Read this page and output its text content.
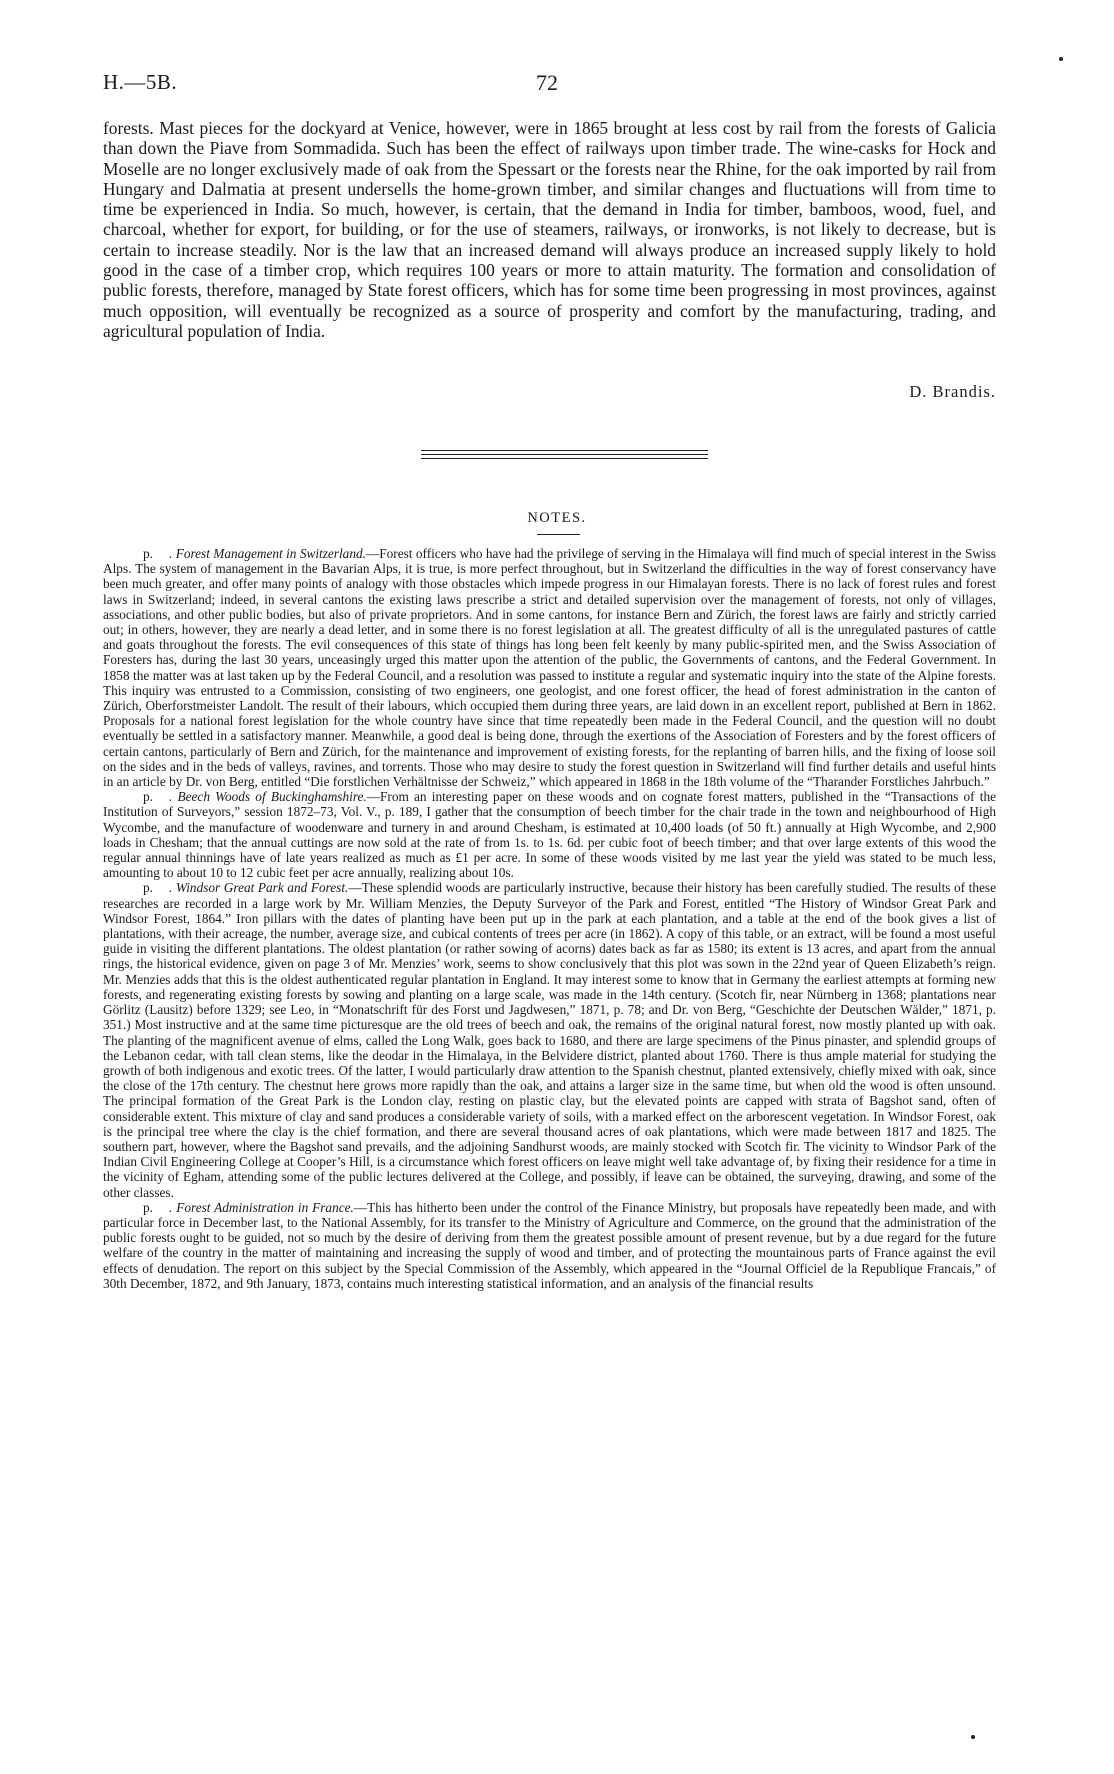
H.—5B.	72

forests. Mast pieces for the dockyard at Venice, however, were in 1865 brought at less cost by rail from the forests of Galicia than down the Piave from Sommadida. Such has been the effect of railways upon timber trade. The wine-casks for Hock and Moselle are no longer exclusively made of oak from the Spessart or the forests near the Rhine, for the oak imported by rail from Hungary and Dalmatia at present undersells the home-grown timber, and similar changes and fluctuations will from time to time be experienced in India. So much, however, is certain, that the demand in India for timber, bamboos, wood, fuel, and charcoal, whether for export, for building, or for the use of steamers, railways, or ironworks, is not likely to decrease, but is certain to increase steadily. Nor is the law that an increased demand will always produce an increased supply likely to hold good in the case of a timber crop, which requires 100 years or more to attain maturity. The formation and consolidation of public forests, therefore, managed by State forest officers, which has for some time been progressing in most provinces, against much opposition, will eventually be recognized as a source of prosperity and comfort by the manufacturing, trading, and agricultural population of India.

D. Brandis.
NOTES.

p. . Forest Management in Switzerland.—Forest officers who have had the privilege of serving in the Himalaya will find much of special interest in the Swiss Alps. The system of management in the Bavarian Alps, it is true, is more perfect throughout, but in Switzerland the difficulties in the way of forest conservancy have been much greater, and offer many points of analogy with those obstacles which impede progress in our Himalayan forests. There is no lack of forest rules and forest laws in Switzerland; indeed, in several cantons the existing laws prescribe a strict and detailed supervision over the management of forests, not only of villages, associations, and other public bodies, but also of private proprietors. And in some cantons, for instance Bern and Zürich, the forest laws are fairly and strictly carried out; in others, however, they are nearly a dead letter, and in some there is no forest legislation at all. The greatest difficulty of all is the unregulated pastures of cattle and goats throughout the forests. The evil consequences of this state of things has long been felt keenly by many public-spirited men, and the Swiss Association of Foresters has, during the last 30 years, unceasingly urged this matter upon the attention of the public, the Governments of cantons, and the Federal Government. In 1858 the matter was at last taken up by the Federal Council, and a resolution was passed to institute a regular and systematic inquiry into the state of the Alpine forests. This inquiry was entrusted to a Commission, consisting of two engineers, one geologist, and one forest officer, the head of forest administration in the canton of Zürich, Oberforstmeister Landolt. The result of their labours, which occupied them during three years, are laid down in an excellent report, published at Bern in 1862. Proposals for a national forest legislation for the whole country have since that time repeatedly been made in the Federal Council, and the question will no doubt eventually be settled in a satisfactory manner. Meanwhile, a good deal is being done, through the exertions of the Association of Foresters and by the forest officers of certain cantons, particularly of Bern and Zürich, for the maintenance and improvement of existing forests, for the replanting of barren hills, and the fixing of loose soil on the sides and in the beds of valleys, ravines, and torrents. Those who may desire to study the forest question in Switzerland will find further details and useful hints in an article by Dr. von Berg, entitled “Die forstlichen Verhältnisse der Schweiz,” which appeared in 1868 in the 18th volume of the “Tharander Forstliches Jahrbuch.”

p. . Beech Woods of Buckinghamshire.—From an interesting paper on these woods and on cognate forest matters, published in the “Transactions of the Institution of Surveyors,” session 1872–73, Vol. V., p. 189, I gather that the consumption of beech timber for the chair trade in the town and neighbourhood of High Wycombe, and the manufacture of woodenware and turnery in and around Chesham, is estimated at 10,400 loads (of 50 ft.) annually at High Wycombe, and 2,900 loads in Chesham; that the annual cuttings are now sold at the rate of from 1s. to 1s. 6d. per cubic foot of beech timber; and that over large extents of this wood the regular annual thinnings have of late years realized as much as £1 per acre. In some of these woods visited by me last year the yield was stated to be much less, amounting to about 10 to 12 cubic feet per acre annually, realizing about 10s.

p. . Windsor Great Park and Forest.—These splendid woods are particularly instructive, because their history has been carefully studied. The results of these researches are recorded in a large work by Mr. William Menzies, the Deputy Surveyor of the Park and Forest, entitled “The History of Windsor Great Park and Windsor Forest, 1864.” Iron pillars with the dates of planting have been put up in the park at each plantation, and a table at the end of the book gives a list of plantations, with their acreage, the number, average size, and cubical contents of trees per acre (in 1862). A copy of this table, or an extract, will be found a most useful guide in visiting the different plantations. The oldest plantation (or rather sowing of acorns) dates back as far as 1580; its extent is 13 acres, and apart from the annual rings, the historical evidence, given on page 3 of Mr. Menzies’ work, seems to show conclusively that this plot was sown in the 22nd year of Queen Elizabeth’s reign. Mr. Menzies adds that this is the oldest authenticated regular plantation in England. It may interest some to know that in Germany the earliest attempts at forming new forests, and regenerating existing forests by sowing and planting on a large scale, was made in the 14th century. (Scotch fir, near Nürnberg in 1368; plantations near Görlitz (Lausitz) before 1329; see Leo, in “Monatschrift für des Forst und Jagdwesen,” 1871, p. 78; and Dr. von Berg, “Geschichte der Deutschen Wälder,” 1871, p. 351.) Most instructive and at the same time picturesque are the old trees of beech and oak, the remains of the original natural forest, now mostly planted up with oak. The planting of the magnificent avenue of elms, called the Long Walk, goes back to 1680, and there are large specimens of the Pinus pinaster, and splendid groups of the Lebanon cedar, with tall clean stems, like the deodar in the Himalaya, in the Belvidere district, planted about 1760. There is thus ample material for studying the growth of both indigenous and exotic trees. Of the latter, I would particularly draw attention to the Spanish chestnut, planted extensively, chiefly mixed with oak, since the close of the 17th century. The chestnut here grows more rapidly than the oak, and attains a larger size in the same time, but when old the wood is often unsound. The principal formation of the Great Park is the London clay, resting on plastic clay, but the elevated points are capped with strata of Bagshot sand, often of considerable extent. This mixture of clay and sand produces a considerable variety of soils, with a marked effect on the arborescent vegetation. In Windsor Forest, oak is the principal tree where the clay is the chief formation, and there are several thousand acres of oak plantations, which were made between 1817 and 1825. The southern part, however, where the Bagshot sand prevails, and the adjoining Sandhurst woods, are mainly stocked with Scotch fir. The vicinity to Windsor Park of the Indian Civil Engineering College at Cooper’s Hill, is a circumstance which forest officers on leave might well take advantage of, by fixing their residence for a time in the vicinity of Egham, attending some of the public lectures delivered at the College, and possibly, if leave can be obtained, the surveying, drawing, and some of the other classes.

p. . Forest Administration in France.—This has hitherto been under the control of the Finance Ministry, but proposals have repeatedly been made, and with particular force in December last, to the National Assembly, for its transfer to the Ministry of Agriculture and Commerce, on the ground that the administration of the public forests ought to be guided, not so much by the desire of deriving from them the greatest possible amount of present revenue, but by a due regard for the future welfare of the country in the matter of maintaining and increasing the supply of wood and timber, and of protecting the mountainous parts of France against the evil effects of denudation. The report on this subject by the Special Commission of the Assembly, which appeared in the “Journal Officiel de la Republique Francais,” of 30th December, 1872, and 9th January, 1873, contains much interesting statistical information, and an analysis of the financial results
